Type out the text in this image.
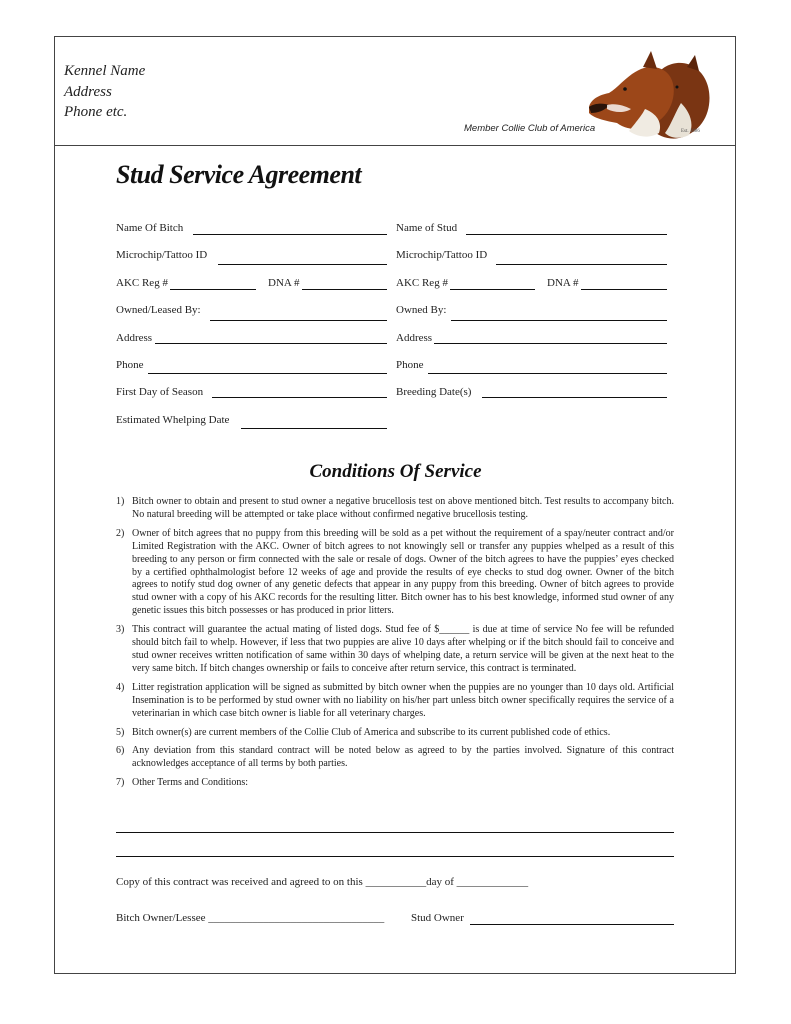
Kennel Name
Address
Phone etc.
Est. 1886
Member Collie Club of America
Stud Service Agreement
Name Of Bitch
Microchip/Tattoo ID
AKC Reg #	DNA #
Owned/Leased By:
Address
Phone
First Day of Season
Estimated Whelping Date
Name of Stud
Microchip/Tattoo ID
AKC Reg #	DNA #
Owned By:
Address
Phone
Breeding Date(s)
Conditions Of Service
1) Bitch owner to obtain and present to stud owner a negative brucellosis test on above mentioned bitch. Test results to accompany bitch. No natural breeding will be attempted or take place without confirmed negative brucellosis testing.
2) Owner of bitch agrees that no puppy from this breeding will be sold as a pet without the requirement of a spay/neuter contract and/or Limited Registration with the AKC. Owner of bitch agrees to not knowingly sell or transfer any puppies whelped as a result of this breeding to any person or firm connected with the sale or resale of dogs. Owner of the bitch agrees to have the puppies’ eyes checked by a certified ophthalmologist before 12 weeks of age and provide the results of eye checks to stud dog owner. Owner of the bitch agrees to notify stud dog owner of any genetic defects that appear in any puppy from this breeding. Owner of bitch agrees to provide stud owner with a copy of his AKC records for the resulting litter. Bitch owner has to his best knowledge, informed stud owner of any genetic issues this bitch possesses or has produced in prior litters.
3) This contract will guarantee the actual mating of listed dogs. Stud fee of $______ is due at time of service No fee will be refunded should bitch fail to whelp. However, if less that two puppies are alive 10 days after whelping or if the bitch should fail to conceive and stud owner receives written notification of same within 30 days of whelping date, a return service will be given at the next heat to the very same bitch. If bitch changes ownership or fails to conceive after return service, this contract is terminated.
4) Litter registration application will be signed as submitted by bitch owner when the puppies are no younger than 10 days old. Artificial Insemination is to be performed by stud owner with no liability on his/her part unless bitch owner specifically requires the service of a veterinarian in which case bitch owner is liable for all veterinary charges.
5) Bitch owner(s) are current members of the Collie Club of America and subscribe to its current published code of ethics.
6) Any deviation from this standard contract will be noted below as agreed to by the parties involved. Signature of this contract acknowledges acceptance of all terms by both parties.
7) Other Terms and Conditions:
Copy of this contract was received and agreed to on this ___________day of _____________
Bitch Owner/Lessee ________________________________ Stud Owner
